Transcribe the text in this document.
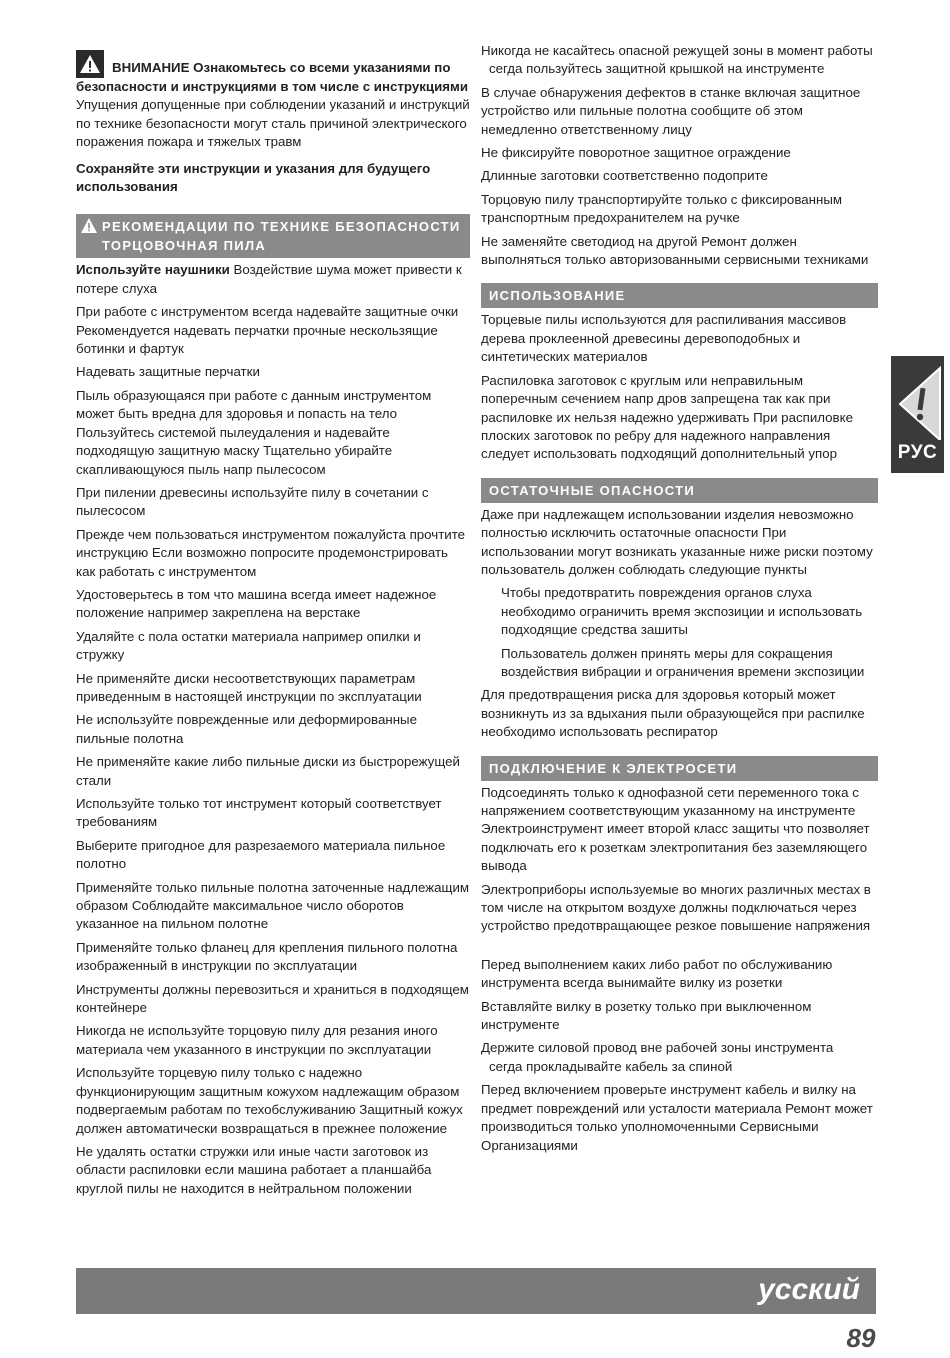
ВНИМАНИЕ Ознакомьтесь со всеми указаниями по безопасности и инструкциями в том числе с инструкциями Упущения допущенные при соблюдении указаний и инструкций по технике безопасности могут сталь причиной электрического поражения пожара и тяжелых травм

Сохраняйте эти инструкции и указания для будущего использования

РЕКОМЕНДАЦИИ ПО ТЕХНИКЕ БЕЗОПАСНОСТИ ТОРЦОВОЧНАЯ ПИЛА

Используйте наушники Воздействие шума может привести к потере слуха

При работе с инструментом всегда надевайте защитные очки Рекомендуется надевать перчатки прочные нескользящие ботинки и фартук

Надевать защитные перчатки

Пыль образующаяся при работе с данным инструментом может быть вредна для здоровья и попасть на тело Пользуйтесь системой пылеудаления и надевайте подходящую защитную маску Тщательно убирайте скапливающуюся пыль напр пылесосом

При пилении древесины используйте пилу в сочетании с пылесосом

Прежде чем пользоваться инструментом пожалуйста прочтите инструкцию Если возможно попросите продемонстрировать как работать с инструментом

Удостоверьтесь в том что машина всегда имеет надежное положение например закреплена на верстаке

Удаляйте с пола остатки материала например опилки и стружку

Не применяйте диски несоответствующих параметрам приведенным в настоящей инструкции по эксплуатации

Не используйте поврежденные или деформированные пильные полотна

Не применяйте какие либо пильные диски из быстрорежущей стали

Используйте только тот инструмент который соответствует требованиям

Выберите пригодное для разрезаемого материала пильное полотно

Применяйте только пильные полотна заточенные надлежащим образом Соблюдайте максимальное число оборотов указанное на пильном полотне

Применяйте только фланец для крепления пильного полотна изображенный в инструкции по эксплуатации

Инструменты должны перевозиться и храниться в подходящем контейнере

Никогда не используйте торцовую пилу для резания иного материала чем указанного в инструкции по эксплуатации

Используйте торцевую пилу только с надежно функционирующим защитным кожухом надлежащим образом подвергаемым работам по техобслуживанию Защитный кожух должен автоматически возвращаться в прежнее положение

Не удалять остатки стружки или иные части заготовок из области распиловки если машина работает а планшайба круглой пилы не находится в нейтральном положении

Никогда не касайтесь опасной режущей зоны в момент работы

сегда пользуйтесь защитной крышкой на инструменте

В случае обнаружения дефектов в станке включая защитное устройство или пильные полотна сообщите об этом немедленно ответственному лицу

Не фиксируйте поворотное защитное ограждение

Длинные заготовки соответственно подоприте

Торцовую пилу транспортируйте только с фиксированным транспортным предохранителем на ручке

Не заменяйте светодиод на другой Ремонт должен выполняться только авторизованными сервисными техниками

ИСПОЛЬЗОВАНИЕ

Торцевые пилы используются для распиливания массивов дерева проклеенной древесины деревоподобных и синтетических материалов

Распиловка заготовок с круглым или неправильным поперечным сечением напр дров запрещена так как при распиловке их нельзя надежно удерживать При распиловке плоских заготовок по ребру для надежного направления следует использовать подходящий дополнительный упор

ОСТАТОЧНЫЕ ОПАСНОСТИ

Даже при надлежащем использовании изделия невозможно полностью исключить остаточные опасности При использовании могут возникать указанные ниже риски поэтому пользователь должен соблюдать следующие пункты

Чтобы предотвратить повреждения органов слуха необходимо ограничить время экспозиции и использовать подходящие средства зашиты

Пользователь должен принять меры для сокращения воздействия вибрации и ограничения времени экспозиции

Для предотвращения риска для здоровья который может возникнуть из за вдыхания пыли образующейся при распилке необходимо использовать респиратор

ПОДКЛЮЧЕНИЕ К ЭЛЕКТРОСЕТИ

Подсоединять только к однофазной сети переменного тока с напряжением соответствующим указанному на инструменте Электроинструмент имеет второй класс защиты что позволяет подключать его к розеткам электропитания без заземляющего вывода

Электроприборы используемые во многих различных местах в том числе на открытом воздухе должны подключаться через устройство предотвращающее резкое повышение напряжения

Перед выполнением каких либо работ по обслуживанию инструмента всегда вынимайте вилку из розетки

Вставляйте вилку в розетку только при выключенном инструменте

Держите силовой провод вне рабочей зоны инструмента

сегда прокладывайте кабель за спиной

Перед включением проверьте инструмент кабель и вилку на предмет повреждений или усталости материала Ремонт может производиться только уполномоченными Сервисными Организациями

РУС
усский
89
